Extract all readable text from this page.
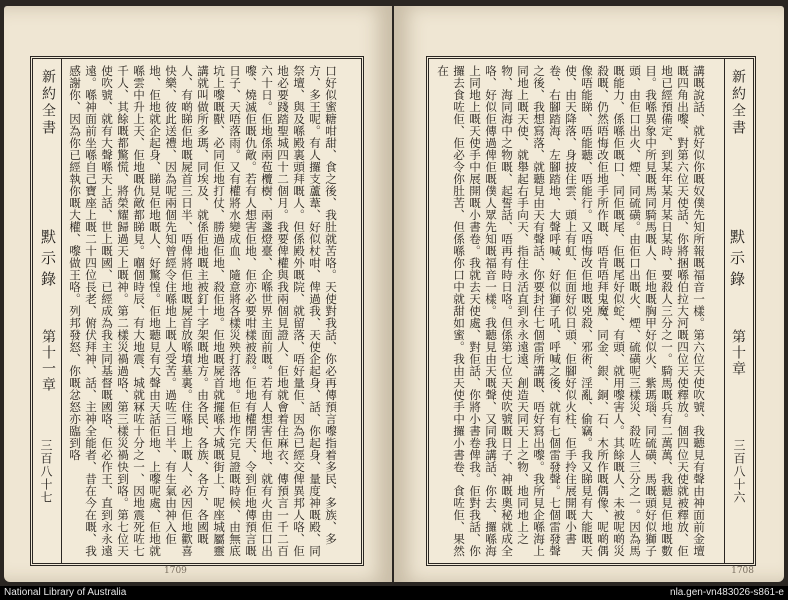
口好似蜜糖咁甜、食之後、我肚就苦咯。天使對我話、你必再傳預言嚟指着多民、多族、多方、多王呢。有人攞支蘆葦、好似杖咁、俾過我、天使企起身、話、你起身、量度神嘅殿、同祭壇、與及喺殿裏頭拜嘅人。但係殿外嘅院、就留落、唔好量佢、因為已經交俾異邦人咯、佢地必要踐踏聖城四十二個月。我要俾權與我兩個見證人、佢地就會着住麻衣、傳預言一千二百六十日。佢地係兩苞欖樹、兩盞燈臺、企喺世界主面前嘅。若有人想害佢地、就有火由佢口出嚟、燒滅佢嘅仇敵。若有人想害佢地、佢亦必要咁樣被殺。佢地有權閉天、令到佢地傳預言嘅日子、天唔落雨。又有權將水變成血、隨意將各樣災殃打落地。佢地作完見證嘅時候、由無底坑上嚟嘅獸、必同佢地打仗、勝過佢地、殺佢地。佢地嘅屍首就擺喺大城嘅街上、呢座城屬靈講就叫做所多瑪、同埃及、就係佢地嘅主被釘十字架嘅地方。由各民、各族、各方、各國嘅人、有啲睇佢地嘅屍首三日半、唔俾將佢地嘅屍首放喺墳墓裏。住喺地上嘅人、必因佢地歡喜快樂、彼此送禮、因為呢兩個先知曾經令住喺地上嘅人受苦。過咗三日半、有生氣由神入佢地、佢地就企起身、睇見佢地嘅人、好驚惶。佢地聽見有大聲由天話佢地、上嚟呢處、佢地就喺雲中升上天、佢地嘅仇敵都睇見。嗰個時辰、有大地震、城就冧咗十分之一、因地震死咗七千人、其餘嘅都驚慌、將榮耀歸過天上嘅神。第二樣災禍過咯、第三樣災禍快到咯。第七位天使吹號、就有大聲喺天上話、世上嘅國、已經成為我主同基督嘅國咯、佢必作王、直到永永遠遠。喺神面前坐喺自己寶座上嘅二十四位長老、俯伏拜神、話、主神全能者、昔在今在嘅、我感謝你、因為你已經執你嘅大權、嚟做王咯。列邦發怒、你嘅忿怒亦臨到咯
新約全書
默示錄
第十一章
三百八十七
1709
講嘅說話、就好似你嘅奴僕先知所報嘅福音一樣。第六位天使吹號、我聽見有聲由神面前金壇嘅四角出嚟、對第六位天使話、你將捆喺伯拉大河嘅四位天使釋放。個四位天使就被釋放、佢地已經預備定、到某年某月某日某時、要殺人三分之一。騎馬嘅兵有二萬萬、我聽見佢地嘅數目。我喺異象中所見嘅馬同騎馬嘅人、佢地嘅胸甲好似火、紫瑪瑙、同硫磺、馬嘅頭好似獅子頭、由佢口出火、煙、同硫磺。由佢口出嘅火、煙、硫磺呢三樣災、殺咗人三分之一。因為馬嘅能力、係喺佢嘅口、同佢嘅尾、佢嘅尾好似蛇、有頭、就用嚟害人。其餘嘅人、未被呢啲災殺嘅、仍然唔悔改佢地手所作嘅、唔肯唔拜鬼魔、同金、銀、銅、石、木所作嘅偶像、呢啲偶像唔能睇、唔能聽、唔能行。又唔悔改佢地嘅兇殺、邪術、淫亂、偷竊。我又睇見有大能嘅天使、由天降落、身披住雲、頭上有虹、佢面好似日頭、佢腳好似火柱、佢手拎住展開嘅小書卷、右腳踏海、左腳踏地、大聲呼喊、好似獅子吼、呼喊之後、就有七個雷發聲。七個雷發聲之後、我想寫落、就聽見由天有聲話、你要封住七個雷所講嘅、唔好寫出嚟。我所見企喺海上同地上嘅天使、就舉起右手向天、指住永活直到永永遠遠、創造天同天上之物、地同地上之物、海同海中之物嘅、起誓話、唔再有時日咯。但係第七位天使吹號嘅日子、神嘅奧秘就成全咯、好似佢傳過俾佢嘅僕人眾先知嘅福音一樣。我聽見由天嘅聲、又同我講話、你去、攞喺海上同地上嘅天使手中展開嘅小書卷。我就去天使處、對佢話、你將小書卷俾我。佢對我話、你攞去食咗佢、佢必令你肚苦、但係喺你口中就甜如蜜。我由天使手中攞小書卷、食咗佢、果然在	新約全書
默示錄
第十章
三百八十六
1708
National Library of Australia	nla.gen-vn483026-s861-e
